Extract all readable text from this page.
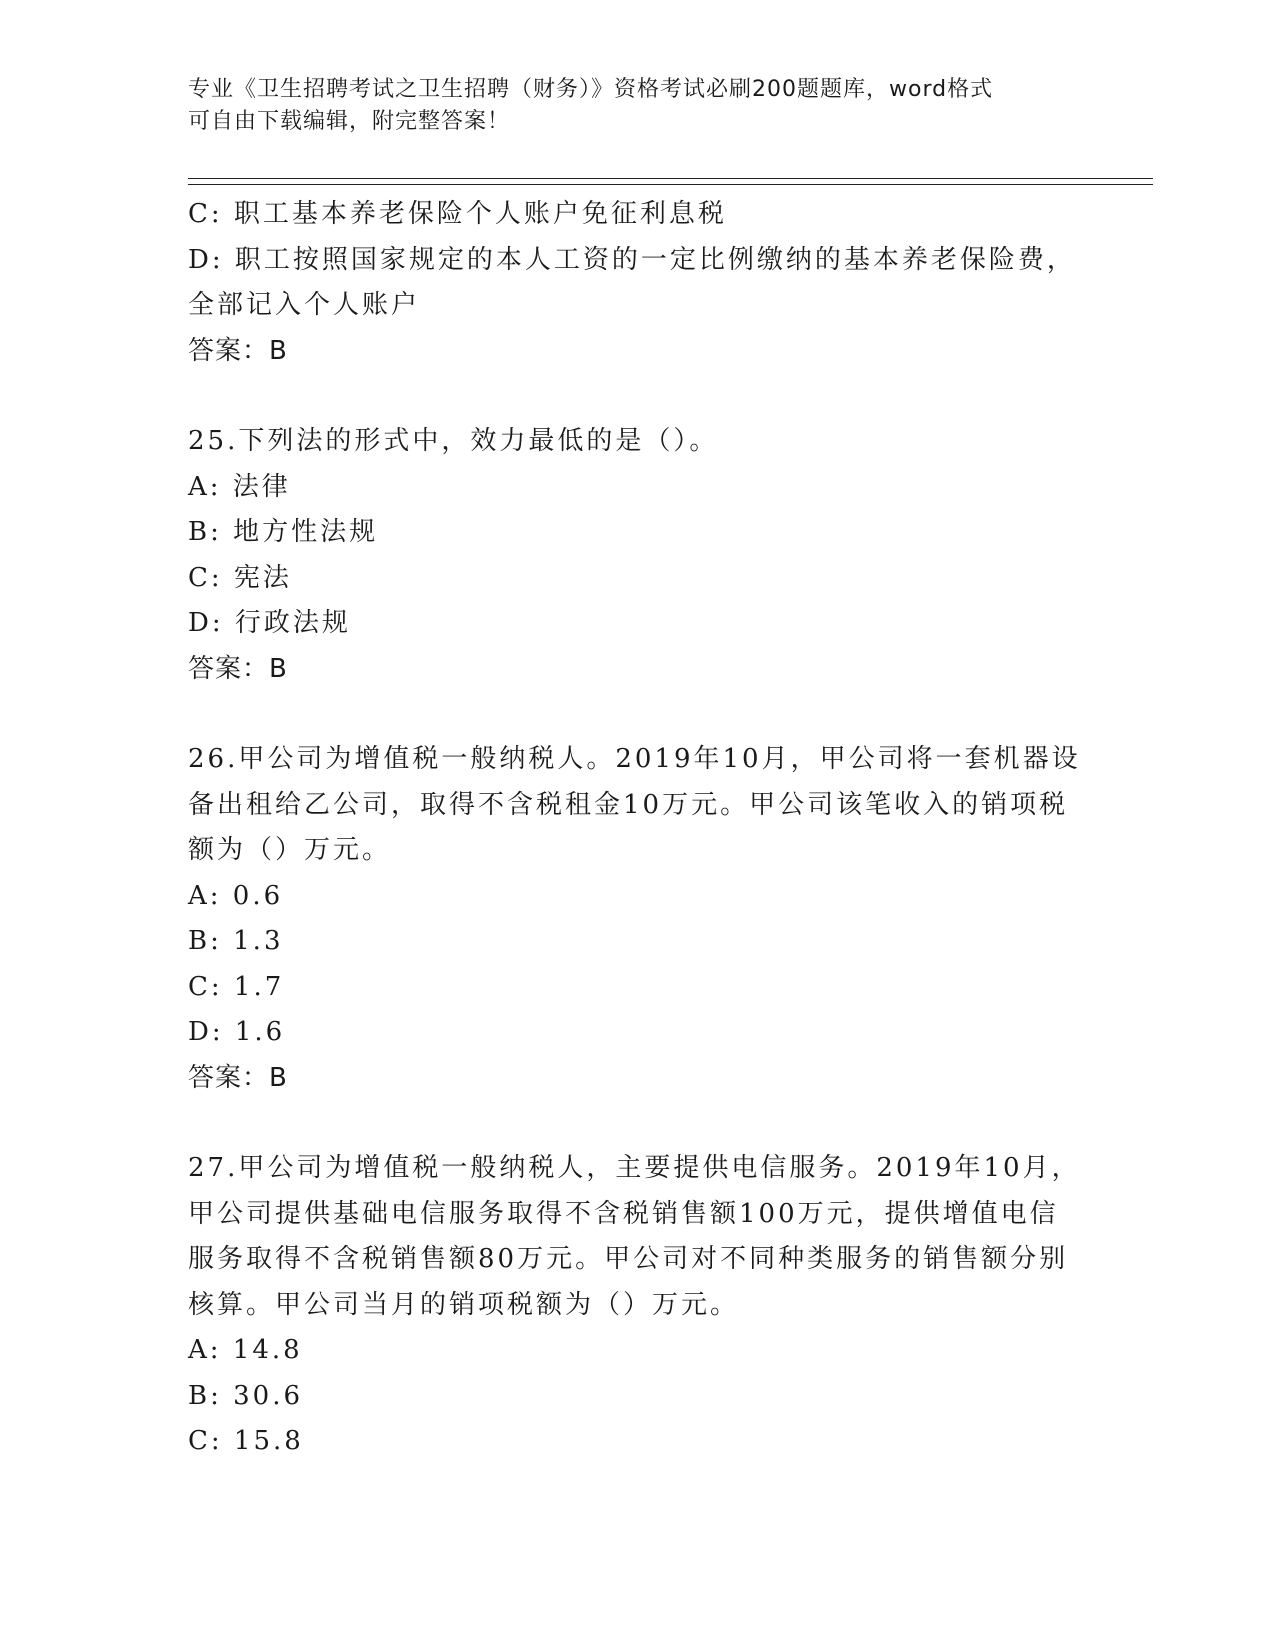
专业《卫生招聘考试之卫生招聘（财务）》资格考试必刷200题题库，word格式
可自由下载编辑，附完整答案！
C: 职工基本养老保险个人账户免征利息税
D: 职工按照国家规定的本人工资的一定比例缴纳的基本养老保险费，
全部记入个人账户
答案：B
25.下列法的形式中，效力最低的是（）。
A: 法律
B: 地方性法规
C: 宪法
D: 行政法规
答案：B
26.甲公司为增值税一般纳税人。2019年10月，甲公司将一套机器设
备出租给乙公司，取得不含税租金10万元。甲公司该笔收入的销项税
额为（）万元。
A: 0.6
B: 1.3
C: 1.7
D: 1.6
答案：B
27.甲公司为增值税一般纳税人，主要提供电信服务。2019年10月，
甲公司提供基础电信服务取得不含税销售额100万元，提供增值电信
服务取得不含税销售额80万元。甲公司对不同种类服务的销售额分别
核算。甲公司当月的销项税额为（）万元。
A: 14.8
B: 30.6
C: 15.8
